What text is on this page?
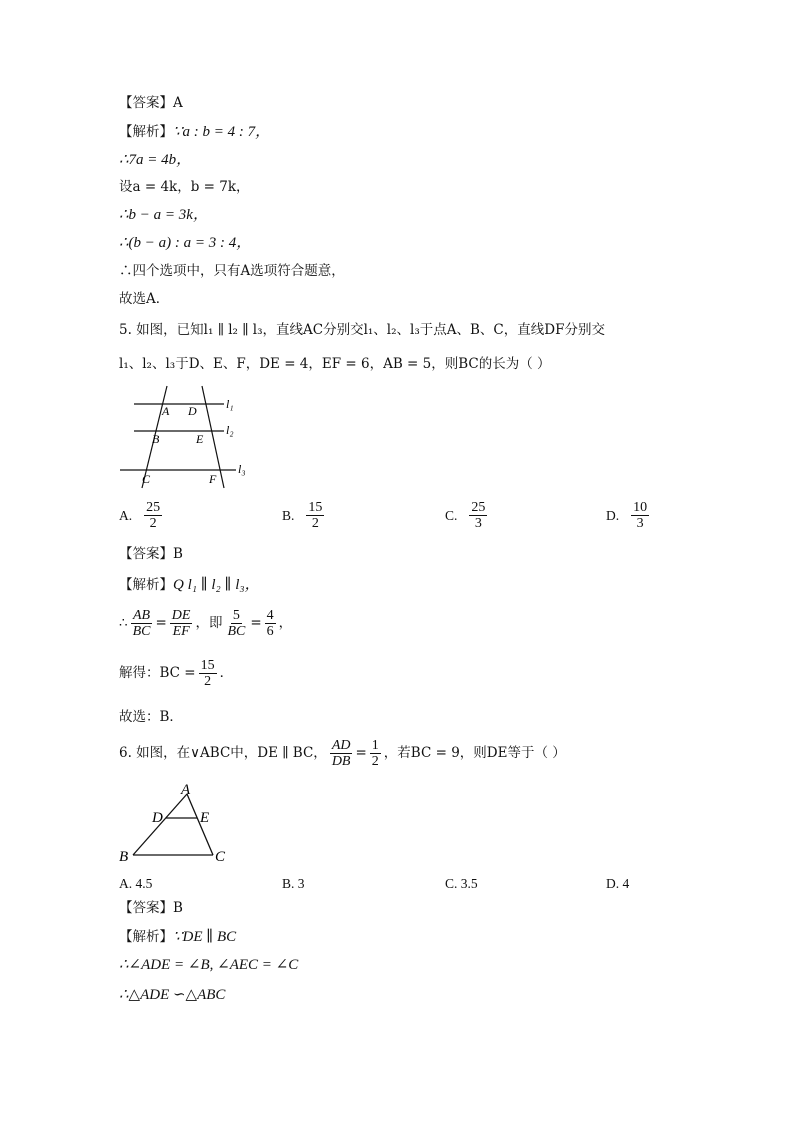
【答案】A
【解析】∵a : b = 4 : 7，
∴7a = 4b，
设a = 4k，b = 7k，
∴b − a = 3k，
∴(b − a) : a = 3 : 4，
∴四个选项中，只有A选项符合题意，
故选A．
5. 如图，已知l₁ ∥ l₂ ∥ l₃，直线AC分别交l₁、l₂、l₃于点A、B、C，直线DF分别交
l₁、l₂、l₃于D、E、F，DE = 4，EF = 6，AB = 5，则BC的长为（ ）
A D
B	E
C	F
l₁
l₂
l₃
A. $\frac{25}{2}$	B. $\frac{15}{2}$	C. $\frac{25}{3}$	D. $\frac{10}{3}$
【答案】B
【解析】Q l₁ ∥ l₂ ∥ l₃，
∴ $\frac{AB}{BC} = \frac{DE}{EF}$ ，即 $\frac{5}{BC} = \frac{4}{6}$ ，
解得：BC = $\frac{15}{2}$ ．
故选：B．
6. 如图，在∨ABC中，DE ∥ BC， $\frac{AD}{DB} = \frac{1}{2}$ ，若BC = 9，则DE等于（ ）
A
D E
B	C
A. 4.5	B. 3	C. 3.5	D. 4
【答案】B
【解析】∵DE ∥ BC
∴∠ADE = ∠B, ∠AEC = ∠C
∴△ADE ∽△ABC
